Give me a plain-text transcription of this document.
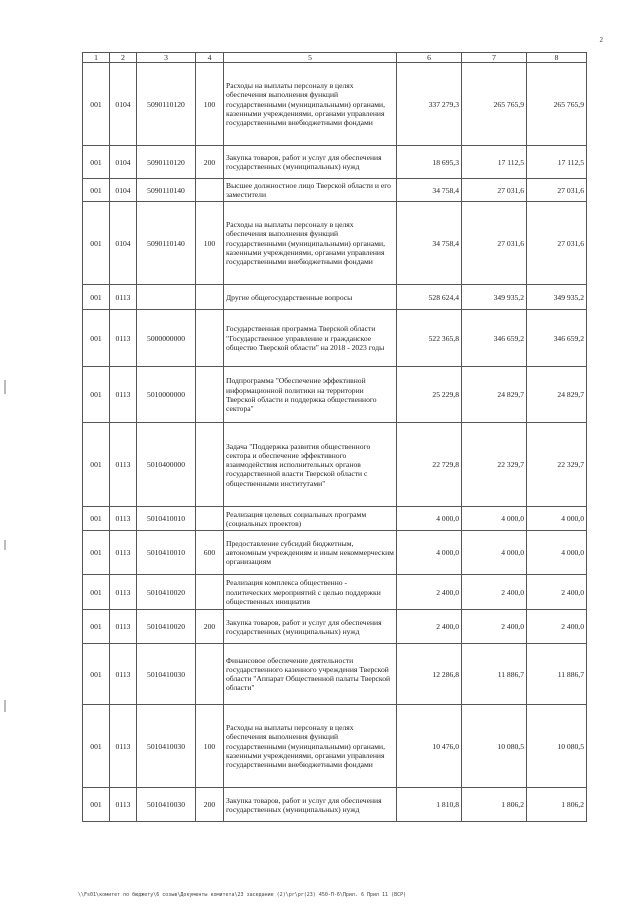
2
1	2	3	4	5	6	7	8
001	0104	5090110120	100	Расходы на выплаты персоналу в целях обеспечения выполнения функций государственными (муниципальными) органами, казенными учреждениями, органами управления государственными внебюджетными фондами	337 279,3	265 765,9	265 765,9
001	0104	5090110120	200	Закупка товаров, работ и услуг для обеспечения государственных (муниципальных) нужд	18 695,3	17 112,5	17 112,5
001	0104	5090110140		Высшее должностное лицо Тверской области и его заместители	34 758,4	27 031,6	27 031,6
001	0104	5090110140	100	Расходы на выплаты персоналу в целях обеспечения выполнения функций государственными (муниципальными) органами, казенными учреждениями, органами управления государственными внебюджетными фондами	34 758,4	27 031,6	27 031,6
001	0113			Другие общегосударственные вопросы	528 624,4	349 935,2	349 935,2
001	0113	5000000000		Государственная программа Тверской области "Государственное управление и гражданское общество Тверской области" на 2018 - 2023 годы	522 365,8	346 659,2	346 659,2
001	0113	5010000000		Подпрограмма "Обеспечение эффективной информационной политики на территории Тверской области и поддержка общественного сектора"	25 229,8	24 829,7	24 829,7
001	0113	5010400000		Задача "Поддержка развития общественного сектора и обеспечение эффективного взаимодействия исполнительных органов государственной власти Тверской области с общественными институтами"	22 729,8	22 329,7	22 329,7
001	0113	5010410010		Реализация целевых социальных программ (социальных проектов)	4 000,0	4 000,0	4 000,0
001	0113	5010410010	600	Предоставление субсидий бюджетным, автономным учреждениям и иным некоммерческим организациям	4 000,0	4 000,0	4 000,0
001	0113	5010410020		Реализация комплекса общественно - политических мероприятий с целью поддержки общественных инициатив	2 400,0	2 400,0	2 400,0
001	0113	5010410020	200	Закупка товаров, работ и услуг для обеспечения государственных (муниципальных) нужд	2 400,0	2 400,0	2 400,0
001	0113	5010410030		Финансовое обеспечение деятельности государственного казенного учреждения Тверской области "Аппарат Общественной палаты Тверской области"	12 286,8	11 886,7	11 886,7
001	0113	5010410030	100	Расходы на выплаты персоналу в целях обеспечения выполнения функций государственными (муниципальными) органами, казенными учреждениями, органами управления государственными внебюджетными фондами	10 476,0	10 080,5	10 080,5
001	0113	5010410030	200	Закупка товаров, работ и услуг для обеспечения государственных (муниципальных) нужд	1 810,8	1 806,2	1 806,2
\\Fs01\комитет по бюджету\6 созыв\Документы комитета\23 заседание (2)\pr\pr(23) 450-П-6\Прил. 6 Прил 11 (ВСР)
